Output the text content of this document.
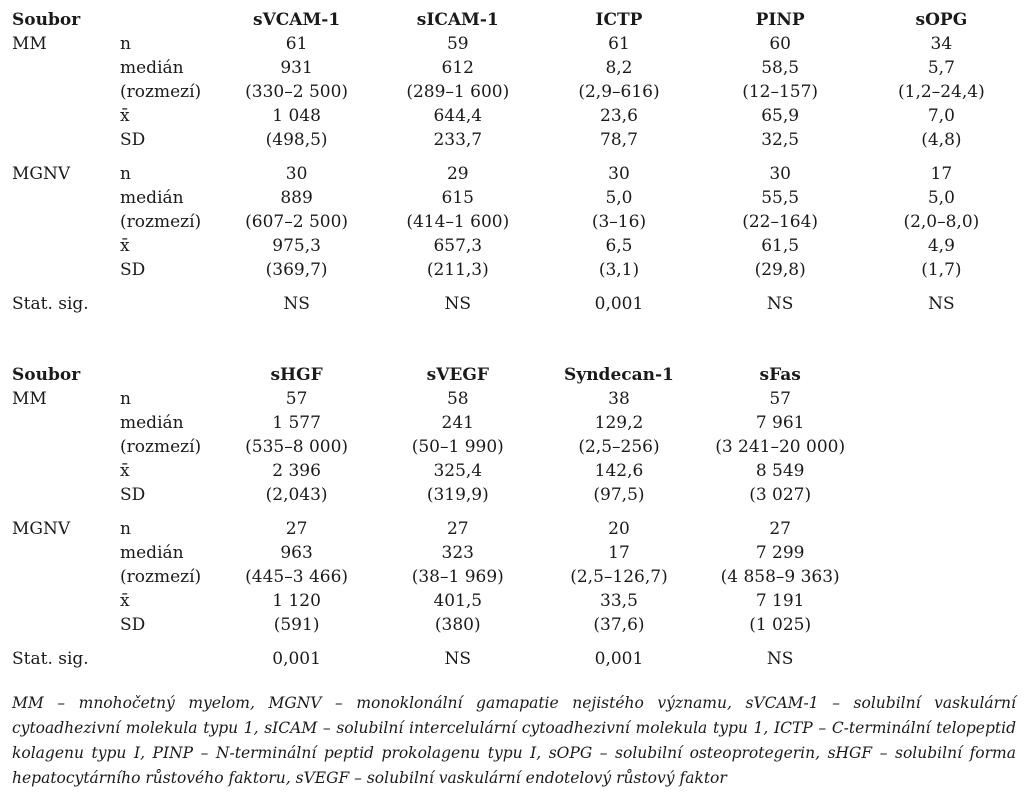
Soubor		sVCAM-1	sICAM-1	ICTP	PINP	sOPG
MM	n	61	59	61	60	34
	medián	931	612	8,2	58,5	5,7
	(rozmezí)	(330–2 500)	(289–1 600)	(2,9–616)	(12–157)	(1,2–24,4)
	x̄	1 048	644,4	23,6	65,9	7,0
	SD	(498,5)	233,7	78,7	32,5	(4,8)

MGNV	n	30	29	30	30	17
	medián	889	615	5,0	55,5	5,0
	(rozmezí)	(607–2 500)	(414–1 600)	(3–16)	(22–164)	(2,0–8,0)
	x̄	975,3	657,3	6,5	61,5	4,9
	SD	(369,7)	(211,3)	(3,1)	(29,8)	(1,7)

Stat. sig.		NS	NS	0,001	NS	NS
Soubor		sHGF	sVEGF	Syndecan-1	sFas	
MM	n	57	58	38	57	
	medián	1 577	241	129,2	7 961	
	(rozmezí)	(535–8 000)	(50–1 990)	(2,5–256)	(3 241–20 000)	
	x̄	2 396	325,4	142,6	8 549	
	SD	(2,043)	(319,9)	(97,5)	(3 027)	

MGNV	n	27	27	20	27	
	medián	963	323	17	7 299	
	(rozmezí)	(445–3 466)	(38–1 969)	(2,5–126,7)	(4 858–9 363)	
	x̄	1 120	401,5	33,5	7 191	
	SD	(591)	(380)	(37,6)	(1 025)	

Stat. sig.		0,001	NS	0,001	NS	
MM – mnohočetný myelom, MGNV – monoklonální gamapatie nejistého významu, sVCAM-1 – solubilní vaskulární cytoadhezivní molekula typu 1, sICAM – solubilní intercelulární cytoadhezivní molekula typu 1, ICTP – C-terminální telopeptid kolagenu typu I, PINP – N-terminální peptid prokolagenu typu I, sOPG – solubilní osteoprotegerin, sHGF – solubilní forma hepatocytárního růstového faktoru, sVEGF – solubilní vaskulární endotelový růstový faktor
